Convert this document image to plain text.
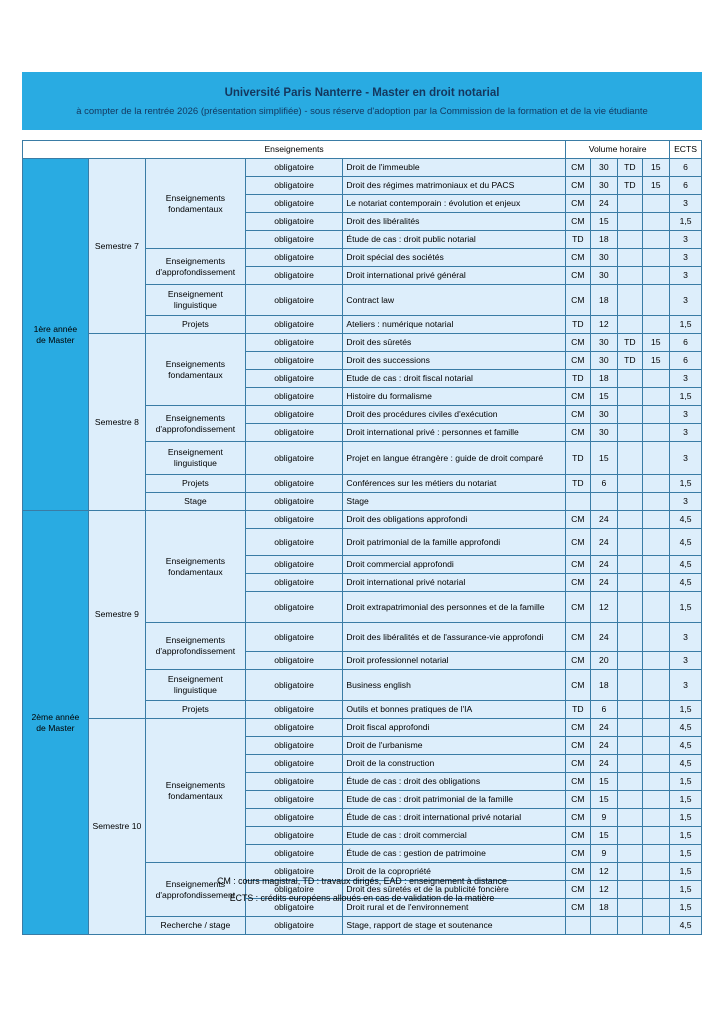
Université Paris Nanterre - Master en droit notarial
à compter de la rentrée 2026 (présentation simplifiée) - sous réserve d'adoption par la Commission de la formation et de la vie étudiante
Enseignements					Volume horaire				ECTS
1ère année
de Master	Semestre 7	Enseignements
fondamentaux	obligatoire	Droit de l'immeuble	CM	30	TD	15	6
			obligatoire	Droit des régimes matrimoniaux et du PACS	CM	30	TD	15	6
			obligatoire	Le notariat contemporain : évolution et enjeux	CM	24			3
			obligatoire	Droit des libéralités	CM	15			1,5
			obligatoire	Étude de cas : droit public notarial	TD	18			3
		Enseignements
d'approfondissement	obligatoire	Droit spécial des sociétés	CM	30			3
			obligatoire	Droit international privé général	CM	30			3
		Enseignement
linguistique	obligatoire	Contract law	CM	18			3
		Projets	obligatoire	Ateliers : numérique notarial	TD	12			1,5
	Semestre 8	Enseignements
fondamentaux	obligatoire	Droit des sûretés	CM	30	TD	15	6
			obligatoire	Droit des successions	CM	30	TD	15	6
			obligatoire	Etude de cas : droit fiscal notarial	TD	18			3
			obligatoire	Histoire du formalisme	CM	15			1,5
		Enseignements
d'approfondissement	obligatoire	Droit des procédures civiles d'exécution	CM	30			3
			obligatoire	Droit international privé : personnes et famille	CM	30			3
		Enseignement
linguistique	obligatoire	Projet en langue étrangère : guide de droit comparé	TD	15			3
		Projets	obligatoire	Conférences sur les métiers du notariat	TD	6			1,5
		Stage	obligatoire	Stage					3
2ème année
de Master	Semestre 9	Enseignements
fondamentaux	obligatoire	Droit des obligations approfondi	CM	24			4,5
			obligatoire	Droit patrimonial de la famille approfondi	CM	24			4,5
			obligatoire	Droit commercial approfondi	CM	24			4,5
			obligatoire	Droit international privé notarial	CM	24			4,5
			obligatoire	Droit extrapatrimonial des personnes et de la famille	CM	12			1,5
		Enseignements
d'approfondissement	obligatoire	Droit des libéralités et de l'assurance-vie approfondi	CM	24			3
			obligatoire	Droit professionnel notarial	CM	20			3
		Enseignement
linguistique	obligatoire	Business english	CM	18			3
		Projets	obligatoire	Outils et bonnes pratiques de l'IA	TD	6			1,5
	Semestre 10	Enseignements
fondamentaux	obligatoire	Droit fiscal approfondi	CM	24			4,5
			obligatoire	Droit de l'urbanisme	CM	24			4,5
			obligatoire	Droit de la construction	CM	24			4,5
			obligatoire	Étude de cas : droit des obligations	CM	15			1,5
			obligatoire	Etude de cas : droit patrimonial de la famille	CM	15			1,5
			obligatoire	Étude de cas : droit international privé notarial	CM	9			1,5
			obligatoire	Etude de cas : droit commercial	CM	15			1,5
			obligatoire	Étude de cas : gestion de patrimoine	CM	9			1,5
		Enseignements
d'approfondissement	obligatoire	Droit de la copropriété	CM	12			1,5
			obligatoire	Droit des sûretés et de la publicité foncière	CM	12			1,5
			obligatoire	Droit rural et de l'environnement	CM	18			1,5
		Recherche / stage	obligatoire	Stage, rapport de stage et soutenance					4,5
CM : cours magistral, TD : travaux dirigés, EAD : enseignement à distance
ECTS : crédits européens alloués en cas de validation de la matière
